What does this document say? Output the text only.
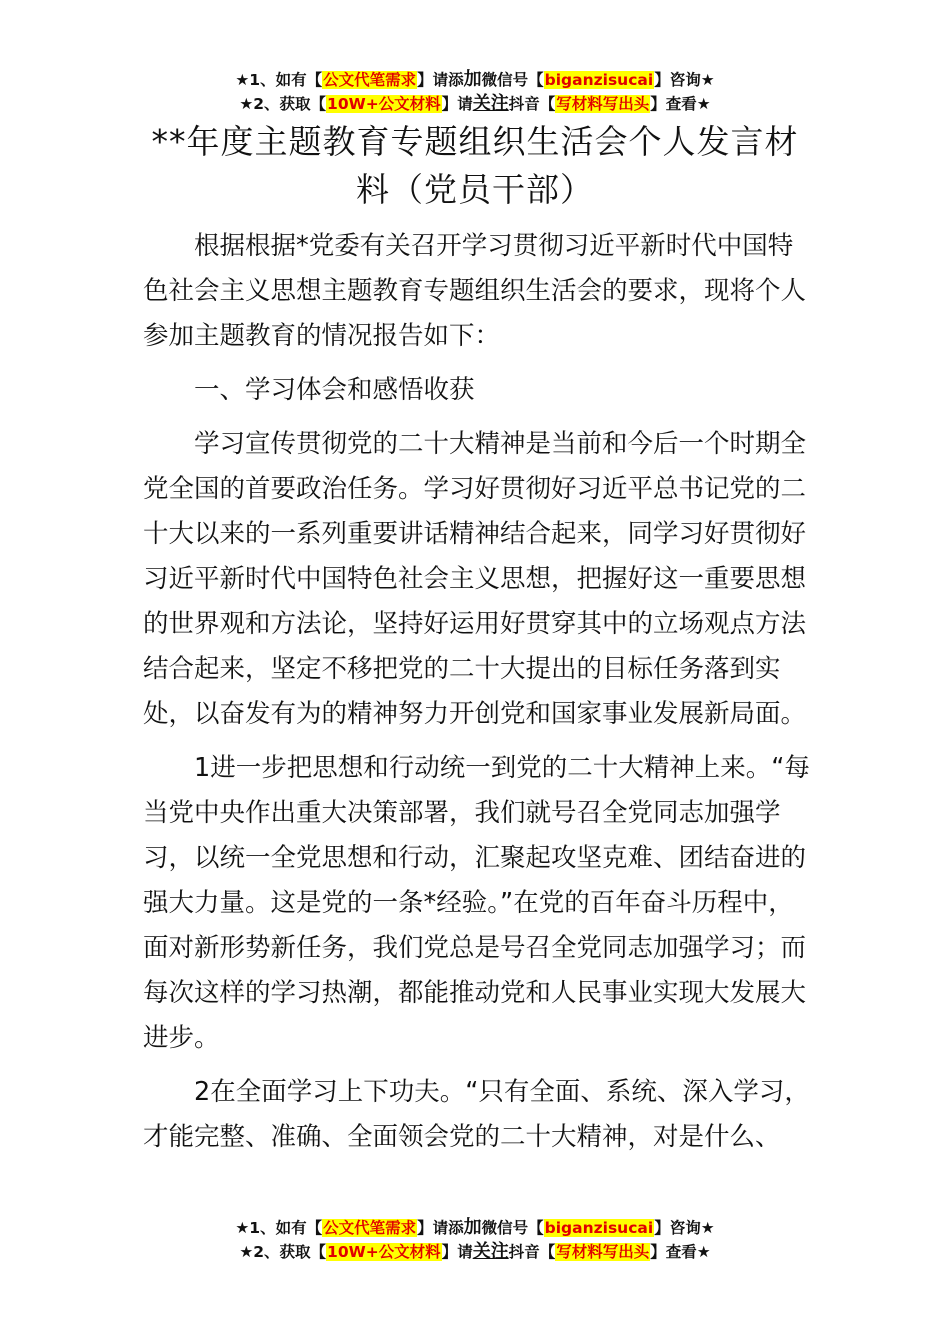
★1、如有【公文代笔需求】请添加微信号【biganzisucai】咨询★
★2、获取【10W+公文材料】请关注抖音【写材料写出头】查看★
**年度主题教育专题组织生活会个人发言材料（党员干部）

根据根据*党委有关召开学习贯彻习近平新时代中国特色社会主义思想主题教育专题组织生活会的要求，现将个人参加主题教育的情况报告如下：

一、学习体会和感悟收获

学习宣传贯彻党的二十大精神是当前和今后一个时期全党全国的首要政治任务。学习好贯彻好习近平总书记党的二十大以来的一系列重要讲话精神结合起来，同学习好贯彻好习近平新时代中国特色社会主义思想，把握好这一重要思想的世界观和方法论，坚持好运用好贯穿其中的立场观点方法结合起来，坚定不移把党的二十大提出的目标任务落到实处，以奋发有为的精神努力开创党和国家事业发展新局面。

1进一步把思想和行动统一到党的二十大精神上来。“每当党中央作出重大决策部署，我们就号召全党同志加强学习，以统一全党思想和行动，汇聚起攻坚克难、团结奋进的强大力量。这是党的一条*经验。”在党的百年奋斗历程中，面对新形势新任务，我们党总是号召全党同志加强学习；而每次这样的学习热潮，都能推动党和人民事业实现大发展大进步。

2在全面学习上下功夫。“只有全面、系统、深入学习，才能完整、准确、全面领会党的二十大精神，对是什么、

★1、如有【公文代笔需求】请添加微信号【biganzisucai】咨询★
★2、获取【10W+公文材料】请关注抖音【写材料写出头】查看★
